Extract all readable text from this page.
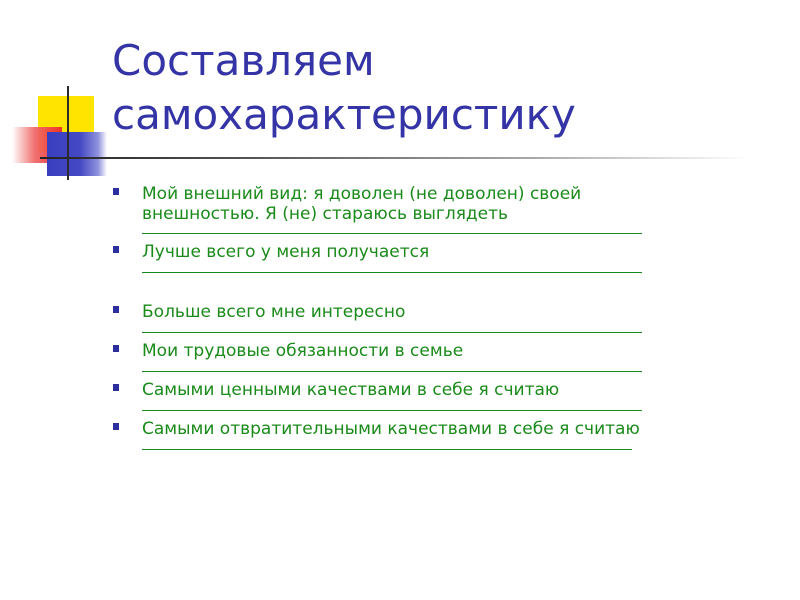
Составляем
самохарактеристику
Мой внешний вид: я доволен (не доволен) своей
внешностью. Я (не) стараюсь выглядеть
Лучше всего у меня получается
Больше всего мне интересно
Мои трудовые обязанности в семье
Самыми ценными качествами в себе я считаю
Самыми отвратительными качествами в себе я считаю
